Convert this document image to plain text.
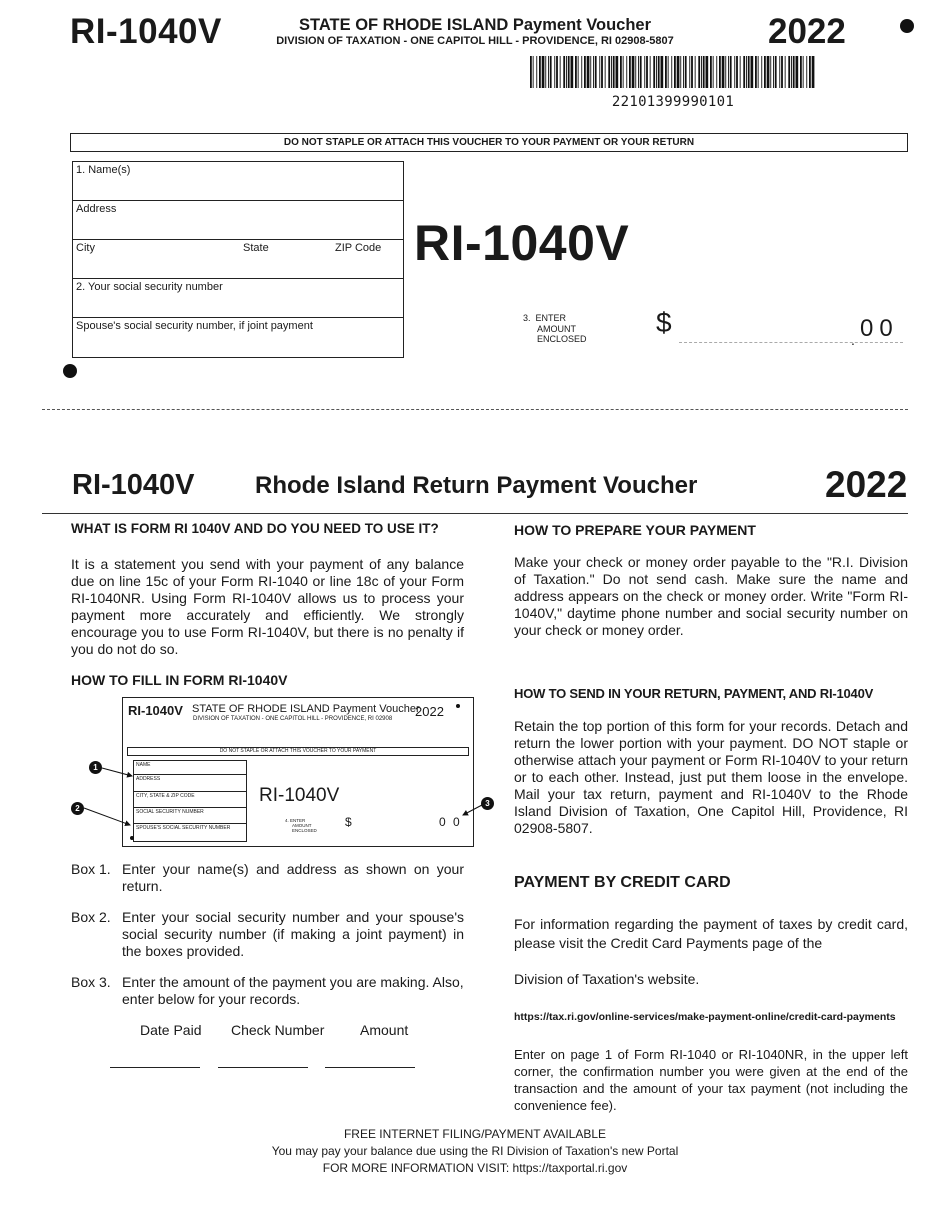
RI-1040V	STATE OF RHODE ISLAND Payment Voucher
DIVISION OF TAXATION - ONE CAPITOL HILL - PROVIDENCE, RI 02908-5807	2022
22101399990101
DO NOT STAPLE OR ATTACH THIS VOUCHER TO YOUR PAYMENT OR YOUR RETURN
1. Name(s)
Address
City	State	ZIP Code
2. Your social security number
Spouse's social security number, if joint payment
RI-1040V
3. ENTER
AMOUNT
ENCLOSED
$
. 00
RI-1040V	Rhode Island Return Payment Voucher	2022
WHAT IS FORM RI 1040V AND DO YOU NEED TO USE IT?
It is a statement you send with your payment of any balance due on line 15c of your Form RI-1040 or line 18c of your Form RI-1040NR. Using Form RI-1040V allows us to process your payment more accurately and efficiently. We strongly encourage you to use Form RI-1040V, but there is no penalty if you do not do so.
HOW TO FILL IN FORM RI-1040V
RI-1040V STATE OF RHODE ISLAND Payment Voucher
DIVISION OF TAXATION - ONE CAPITOL HILL - PROVIDENCE, RI 02908 2022
DO NOT STAPLE OR ATTACH THIS VOUCHER TO YOUR PAYMENT
NAME
ADDRESS
CITY, STATE & ZIP CODE
SOCIAL SECURITY NUMBER
SPOUSE'S SOCIAL SECURITY NUMBER
RI-1040V
4. ENTER
AMOUNT
ENCLOSED
$	0 0
1
2
3
Box 1. Enter your name(s) and address as shown on your return.
Box 2. Enter your social security number and your spouse's social security number (if making a joint payment) in the boxes provided.
Box 3. Enter the amount of the payment you are making. Also, enter below for your records.
Date Paid Check Number	Amount
HOW TO PREPARE YOUR PAYMENT
Make your check or money order payable to the "R.I. Division of Taxation." Do not send cash. Make sure the name and address appears on the check or money order. Write "Form RI-1040V," daytime phone number and social security number on your check or money order.
HOW TO SEND IN YOUR RETURN, PAYMENT, AND RI-1040V
Retain the top portion of this form for your records. Detach and return the lower portion with your payment. DO NOT staple or otherwise attach your payment or Form RI-1040V to your return or to each other. Instead, just put them loose in the envelope. Mail your tax return, payment and RI-1040V to the Rhode Island Division of Taxation, One Capitol Hill, Providence, RI 02908-5807.
PAYMENT BY CREDIT CARD
For information regarding the payment of taxes by credit card, please visit the Credit Card Payments page of the
Division of Taxation's website.
https://tax.ri.gov/online-services/make-payment-online/credit-card-payments
Enter on page 1 of Form RI-1040 or RI-1040NR, in the upper left corner, the confirmation number you were given at the end of the transaction and the amount of your tax payment (not including the convenience fee).
FREE INTERNET FILING/PAYMENT AVAILABLE
You may pay your balance due using the RI Division of Taxation's new Portal
FOR MORE INFORMATION VISIT: https://taxportal.ri.gov
